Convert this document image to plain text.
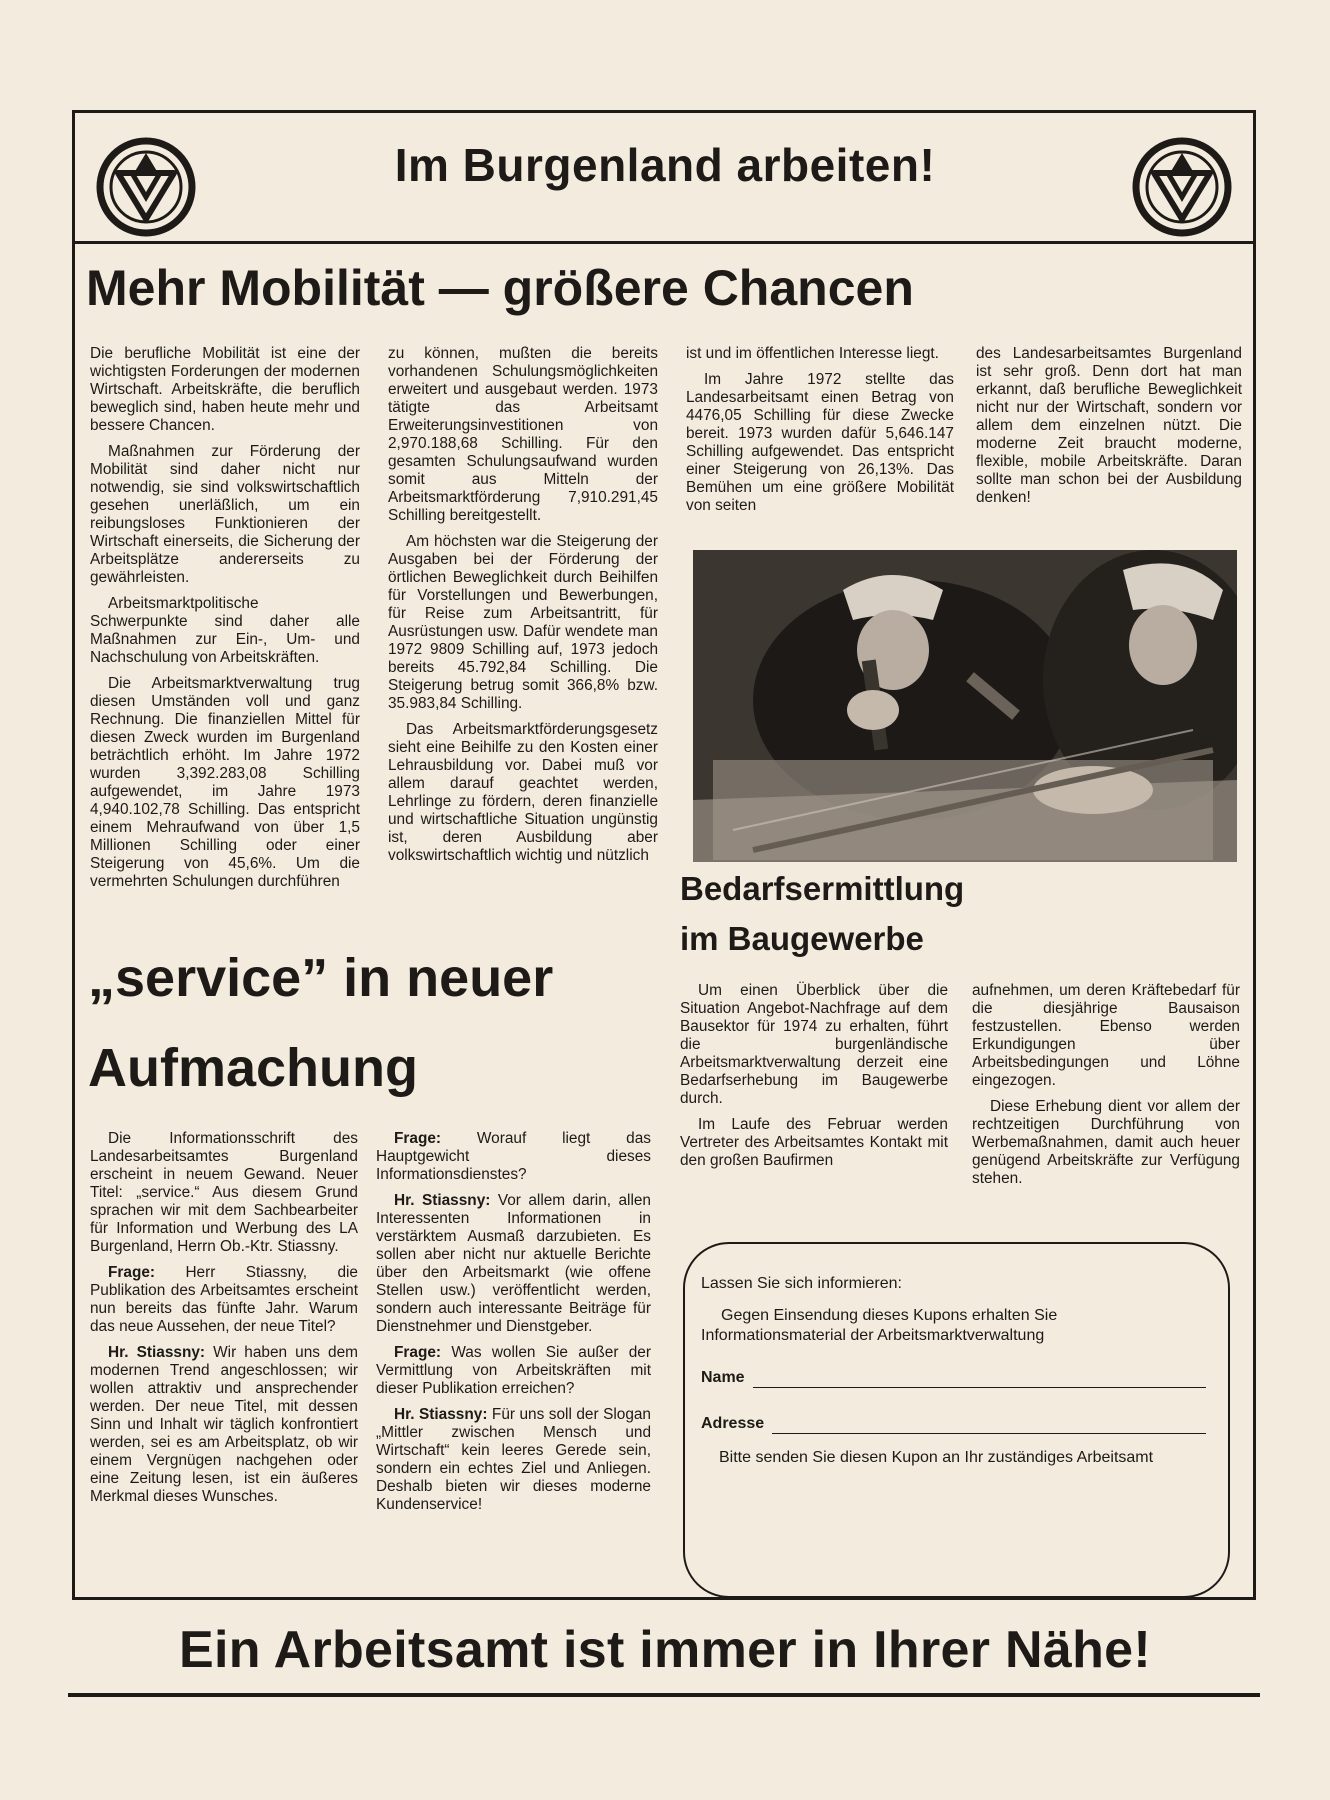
Im Burgenland arbeiten!
Mehr Mobilität — größere Chancen

Die berufliche Mobilität ist eine der wichtigsten Forderungen der modernen Wirtschaft. Arbeitskräfte, die beruflich beweglich sind, haben heute mehr und bessere Chancen.

Maßnahmen zur Förderung der Mobilität sind daher nicht nur notwendig, sie sind volkswirtschaftlich gesehen unerläßlich, um ein reibungsloses Funktionieren der Wirtschaft einerseits, die Sicherung der Arbeitsplätze andererseits zu gewährleisten.

Arbeitsmarktpolitische Schwerpunkte sind daher alle Maßnahmen zur Ein-, Um- und Nachschulung von Arbeitskräften.

Die Arbeitsmarktverwaltung trug diesen Umständen voll und ganz Rechnung. Die finanziellen Mittel für diesen Zweck wurden im Burgenland beträchtlich erhöht. Im Jahre 1972 wurden 3,392.283,08 Schilling aufgewendet, im Jahre 1973 4,940.102,78 Schilling. Das entspricht einem Mehraufwand von über 1,5 Millionen Schilling oder einer Steigerung von 45,6%. Um die vermehrten Schulungen durchführen

zu können, mußten die bereits vorhandenen Schulungsmöglichkeiten erweitert und ausgebaut werden. 1973 tätigte das Arbeitsamt Erweiterungsinvestitionen von 2,970.188,68 Schilling. Für den gesamten Schulungsaufwand wurden somit aus Mitteln der Arbeitsmarktförderung 7,910.291,45 Schilling bereitgestellt.

Am höchsten war die Steigerung der Ausgaben bei der Förderung der örtlichen Beweglichkeit durch Beihilfen für Vorstellungen und Bewerbungen, für Reise zum Arbeitsantritt, für Ausrüstungen usw. Dafür wendete man 1972 9809 Schilling auf, 1973 jedoch bereits 45.792,84 Schilling. Die Steigerung betrug somit 366,8% bzw. 35.983,84 Schilling.

Das Arbeitsmarktförderungsgesetz sieht eine Beihilfe zu den Kosten einer Lehrausbildung vor. Dabei muß vor allem darauf geachtet werden, Lehrlinge zu fördern, deren finanzielle und wirtschaftliche Situation ungünstig ist, deren Ausbildung aber volkswirtschaftlich wichtig und nützlich

ist und im öffentlichen Interesse liegt.

Im Jahre 1972 stellte das Landesarbeitsamt einen Betrag von 4476,05 Schilling für diese Zwecke bereit. 1973 wurden dafür 5,646.147 Schilling aufgewendet. Das entspricht einer Steigerung von 26,13%. Das Bemühen um eine größere Mobilität von seiten

des Landesarbeitsamtes Burgenland ist sehr groß. Denn dort hat man erkannt, daß berufliche Beweglichkeit nicht nur der Wirtschaft, sondern vor allem dem einzelnen nützt. Die moderne Zeit braucht moderne, flexible, mobile Arbeitskräfte. Daran sollte man schon bei der Ausbildung denken!

Bedarfsermittlung
im Baugewerbe

Um einen Überblick über die Situation Angebot-Nachfrage auf dem Bausektor für 1974 zu erhalten, führt die burgenländische Arbeitsmarktverwaltung derzeit eine Bedarfserhebung im Baugewerbe durch.

Im Laufe des Februar werden Vertreter des Arbeitsamtes Kontakt mit den großen Baufirmen

aufnehmen, um deren Kräftebedarf für die diesjährige Bausaison festzustellen. Ebenso werden Erkundigungen über Arbeitsbedingungen und Löhne eingezogen.

Diese Erhebung dient vor allem der rechtzeitigen Durchführung von Werbemaßnahmen, damit auch heuer genügend Arbeitskräfte zur Verfügung stehen.

„service” in neuer
Aufmachung

Die Informationsschrift des Landesarbeitsamtes Burgenland erscheint in neuem Gewand. Neuer Titel: „service.“ Aus diesem Grund sprachen wir mit dem Sachbearbeiter für Information und Werbung des LA Burgenland, Herrn Ob.-Ktr. Stiassny.

Frage: Herr Stiassny, die Publikation des Arbeitsamtes erscheint nun bereits das fünfte Jahr. Warum das neue Aussehen, der neue Titel?

Hr. Stiassny: Wir haben uns dem modernen Trend angeschlossen; wir wollen attraktiv und ansprechender werden. Der neue Titel, mit dessen Sinn und Inhalt wir täglich konfrontiert werden, sei es am Arbeitsplatz, ob wir einem Vergnügen nachgehen oder eine Zeitung lesen, ist ein äußeres Merkmal dieses Wunsches.

Frage: Worauf liegt das Hauptgewicht dieses Informationsdienstes?

Hr. Stiassny: Vor allem darin, allen Interessenten Informationen in verstärktem Ausmaß darzubieten. Es sollen aber nicht nur aktuelle Berichte über den Arbeitsmarkt (wie offene Stellen usw.) veröffentlicht werden, sondern auch interessante Beiträge für Dienstnehmer und Dienstgeber.

Frage: Was wollen Sie außer der Vermittlung von Arbeitskräften mit dieser Publikation erreichen?

Hr. Stiassny: Für uns soll der Slogan „Mittler zwischen Mensch und Wirtschaft“ kein leeres Gerede sein, sondern ein echtes Ziel und Anliegen. Deshalb bieten wir dieses moderne Kundenservice!

Lassen Sie sich informieren:
Gegen Einsendung dieses Kupons erhalten Sie Informationsmaterial der Arbeitsmarktverwaltung
Name
Adresse
Bitte senden Sie diesen Kupon an Ihr zuständiges Arbeitsamt
Ein Arbeitsamt ist immer in Ihrer Nähe!
